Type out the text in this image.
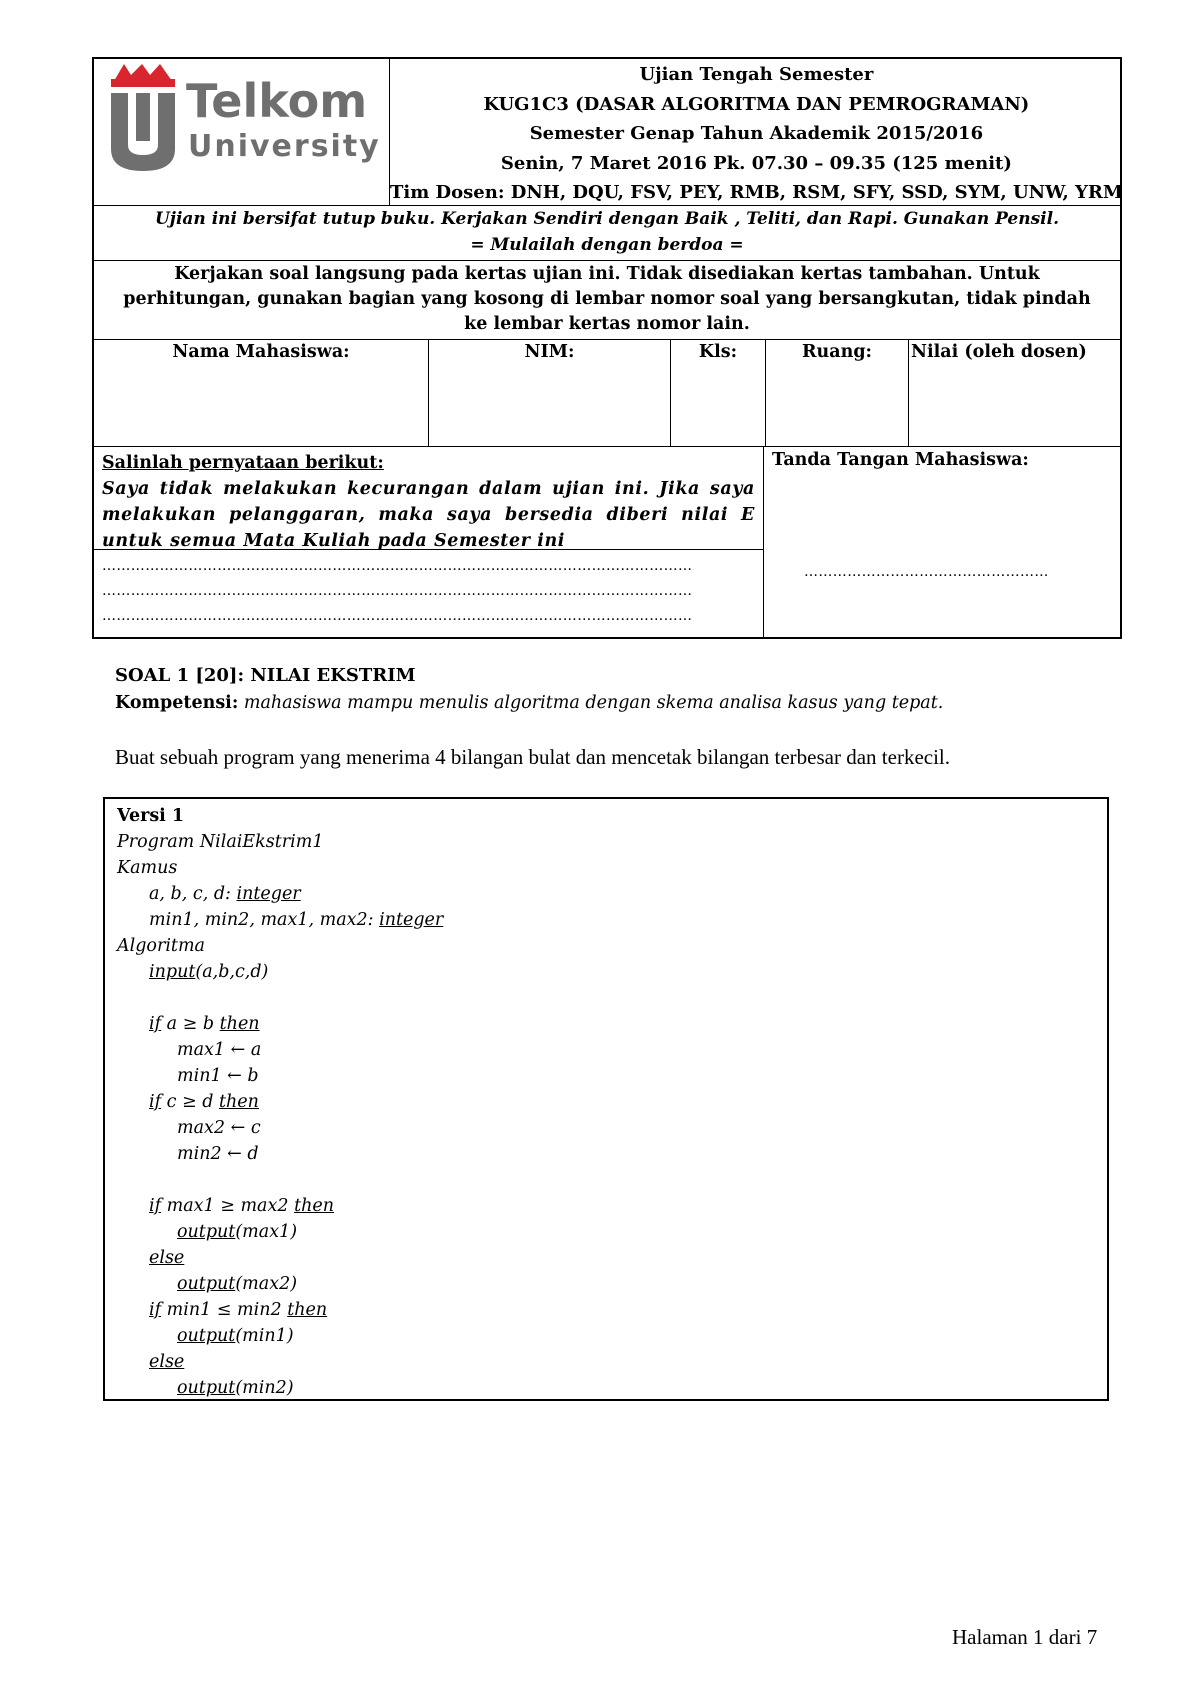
Telkom
University
Ujian Tengah Semester
KUG1C3 (DASAR ALGORITMA DAN PEMROGRAMAN)
Semester Genap Tahun Akademik 2015/2016
Senin, 7 Maret 2016 Pk. 07.30 – 09.35 (125 menit)
Tim Dosen: DNH, DQU, FSV, PEY, RMB, RSM, SFY, SSD, SYM, UNW, YRM
Ujian ini bersifat tutup buku. Kerjakan Sendiri dengan Baik , Teliti, dan Rapi. Gunakan Pensil.
= Mulailah dengan berdoa =
Kerjakan soal langsung pada kertas ujian ini. Tidak disediakan kertas tambahan. Untuk perhitungan, gunakan bagian yang kosong di lembar nomor soal yang bersangkutan, tidak pindah ke lembar kertas nomor lain.
Nama Mahasiswa:	NIM:	Kls:	Ruang:	Nilai (oleh dosen)
Salinlah pernyataan berikut:
Saya tidak melakukan kecurangan dalam ujian ini. Jika saya melakukan pelanggaran, maka saya bersedia diberi nilai E untuk semua Mata Kuliah pada Semester ini
……………………………………………………………………………………………………………
……………………………………………………………………………………………………………
……………………………………………………………………………………………………………
Tanda Tangan Mahasiswa:
……………………………………………
SOAL 1 [20]: NILAI EKSTRIM
Kompetensi: mahasiswa mampu menulis algoritma dengan skema analisa kasus yang tepat.
Buat sebuah program yang menerima 4 bilangan bulat dan mencetak bilangan terbesar dan terkecil.
Versi 1
Program NilaiEkstrim1
Kamus
a, b, c, d: integer
min1, min2, max1, max2: integer
Algoritma
input(a,b,c,d)
if a ≥ b then
max1 ← a
min1 ← b
if c ≥ d then
max2 ← c
min2 ← d
if max1 ≥ max2 then
output(max1)
else
output(max2)
if min1 ≤ min2 then
output(min1)
else
output(min2)
Halaman 1 dari 7
